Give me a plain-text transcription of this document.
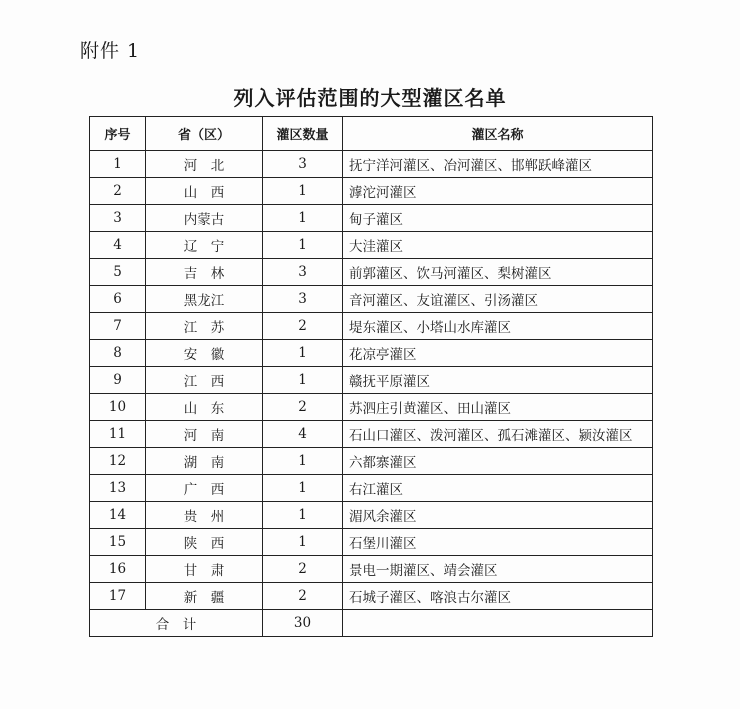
附件 1
列入评估范围的大型灌区名单
序号	省（区）	灌区数量	灌区名称
1	河　北	3	抚宁洋河灌区、冶河灌区、邯郸跃峰灌区
2	山　西	1	滹沱河灌区
3	内蒙古	1	甸子灌区
4	辽　宁	1	大洼灌区
5	吉　林	3	前郭灌区、饮马河灌区、梨树灌区
6	黑龙江	3	音河灌区、友谊灌区、引汤灌区
7	江　苏	2	堤东灌区、小塔山水库灌区
8	安　徽	1	花凉亭灌区
9	江　西	1	赣抚平原灌区
10	山　东	2	苏泗庄引黄灌区、田山灌区
11	河　南	4	石山口灌区、泼河灌区、孤石滩灌区、颍汝灌区
12	湖　南	1	六都寨灌区
13	广　西	1	右江灌区
14	贵　州	1	湄风余灌区
15	陕　西	1	石堡川灌区
16	甘　肃	2	景电一期灌区、靖会灌区
17	新　疆	2	石城子灌区、喀浪古尔灌区
合　计		30	
